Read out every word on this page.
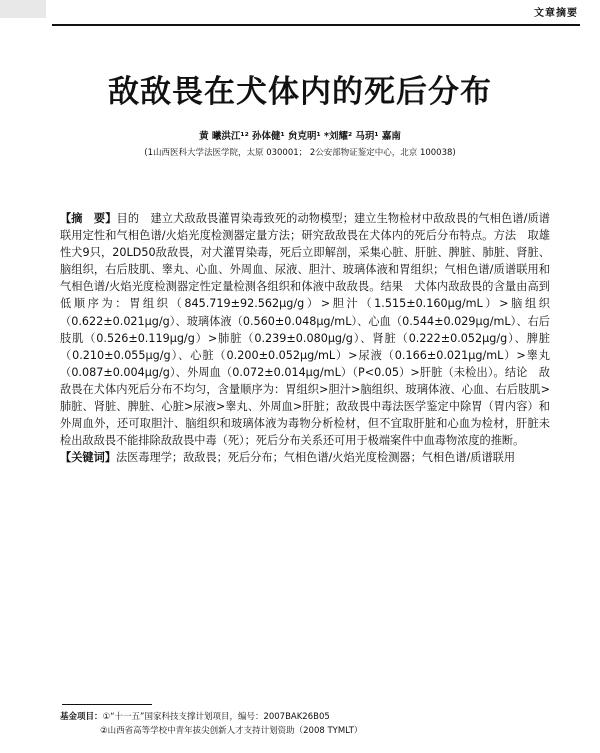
文章摘要
敌敌畏在犬体内的死后分布
黄 曦洪江¹² 孙体健¹ 贠克明¹ *刘耀² 马玥¹ 嘉南
(1山西医科大学法医学院，太原 030001； 2公安部物证鉴定中心，北京 100038)
【摘　要】目的　建立犬敌敌畏灌胃染毒致死的动物模型；建立生物检材中敌敌畏的气相色谱/质谱联用定性和气相色谱/火焰光度检测器定量方法；研究敌敌畏在犬体内的死后分布特点。方法　取雄性犬9只，20LD50敌敌畏，对犬灌胃染毒，死后立即解剖，采集心脏、肝脏、脾脏、肺脏、肾脏、脑组织，右后肢肌、睾丸、心血、外周血、尿液、胆汁、玻璃体液和胃组织；气相色谱/质谱联用和气相色谱/火焰光度检测器定性定量检测各组织和体液中敌敌畏。结果　犬体内敌敌畏的含量由高到低顺序为：胃组织（845.719±92.562μg/g）>胆汁（1.515±0.160μg/mL）>脑组织（0.622±0.021μg/g）、玻璃体液（0.560±0.048μg/mL）、心血（0.544±0.029μg/mL）、右后肢肌（0.526±0.119μg/g）>肺脏（0.239±0.080μg/g）、肾脏（0.222±0.052μg/g）、脾脏（0.210±0.055μg/g）、心脏（0.200±0.052μg/mL）>尿液（0.166±0.021μg/mL）>睾丸（0.087±0.004μg/g）、外周血（0.072±0.014μg/mL）（P<0.05）>肝脏（未检出）。结论　敌敌畏在犬体内死后分布不均匀，含量顺序为：胃组织>胆汁>脑组织、玻璃体液、心血、右后肢肌>肺脏、肾脏、脾脏、心脏>尿液>睾丸、外周血>肝脏；敌敌畏中毒法医学鉴定中除胃（胃内容）和外周血外，还可取胆汁、脑组织和玻璃体液为毒物分析检材，但不宜取肝脏和心血为检材，肝脏未检出敌敌畏不能排除敌敌畏中毒（死）；死后分布关系还可用于极端案件中血毒物浓度的推断。
【关键词】法医毒理学；敌敌畏；死后分布；气相色谱/火焰光度检测器；气相色谱/质谱联用
基金项目：①“十一五”国家科技支撑计划项目，编号：2007BAK26B05
②山西省高等学校中青年拔尖创新人才支持计划资助（2008 TYMLT）
